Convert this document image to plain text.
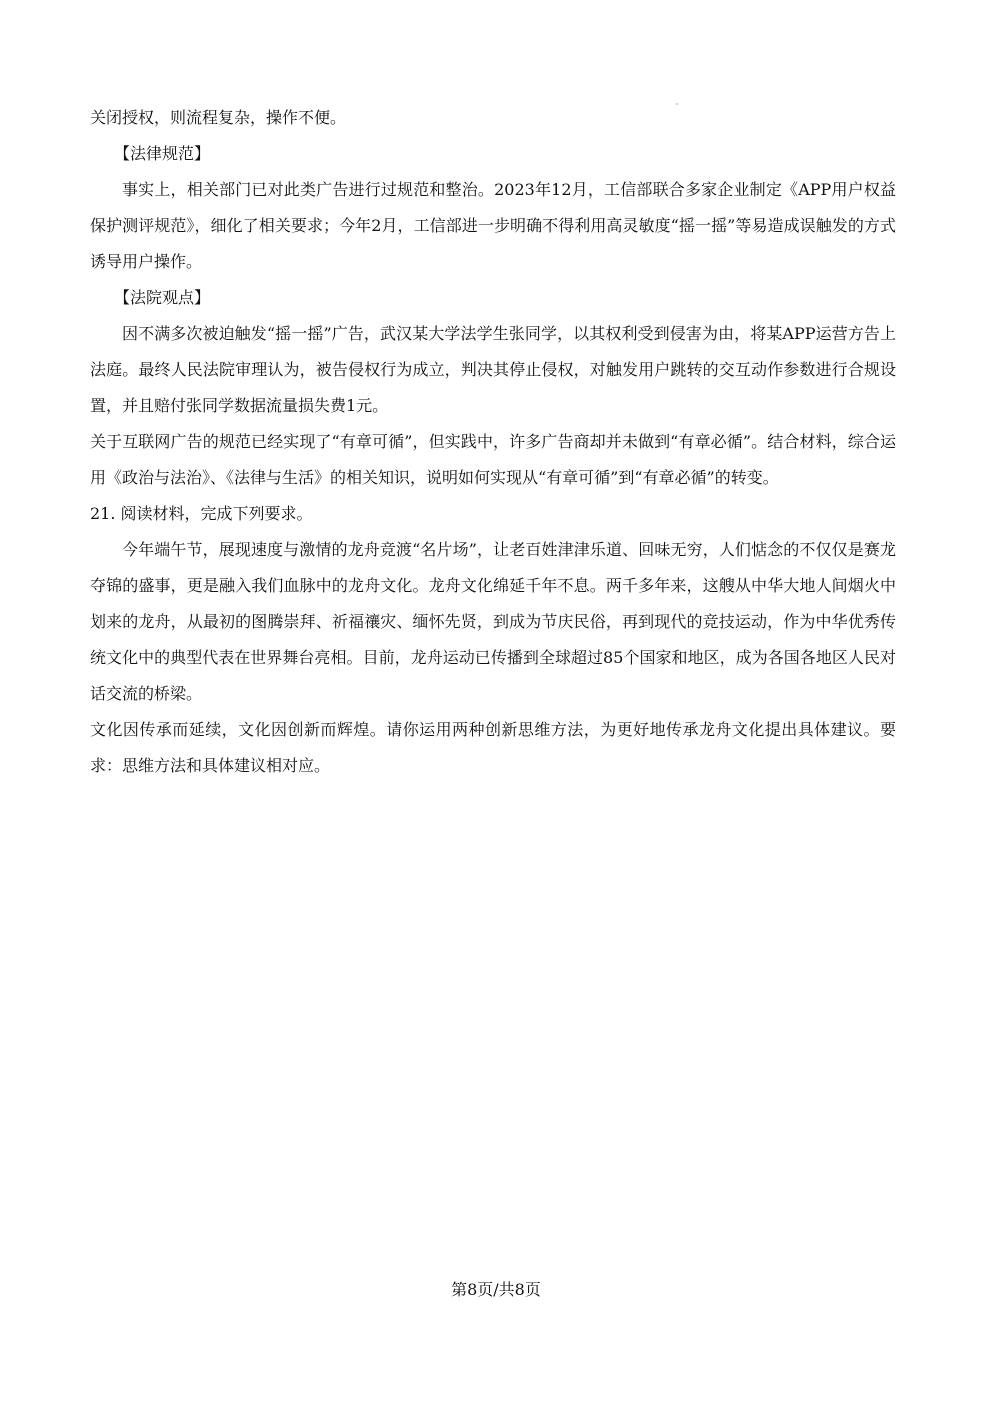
关闭授权，则流程复杂，操作不便。

【法律规范】

事实上，相关部门已对此类广告进行过规范和整治。2023年12月，工信部联合多家企业制定《APP用户权益保护测评规范》，细化了相关要求；今年2月，工信部进一步明确不得利用高灵敏度“摇一摇”等易造成误触发的方式诱导用户操作。

【法院观点】

因不满多次被迫触发“摇一摇”广告，武汉某大学法学生张同学，以其权利受到侵害为由，将某APP运营方告上法庭。最终人民法院审理认为，被告侵权行为成立，判决其停止侵权，对触发用户跳转的交互动作参数进行合规设置，并且赔付张同学数据流量损失费1元。

关于互联网广告的规范已经实现了“有章可循”，但实践中，许多广告商却并未做到“有章必循”。结合材料，综合运用《政治与法治》、《法律与生活》的相关知识，说明如何实现从“有章可循”到“有章必循”的转变。

21. 阅读材料，完成下列要求。

今年端午节，展现速度与激情的龙舟竞渡“名片场”，让老百姓津津乐道、回味无穷，人们惦念的不仅仅是赛龙夺锦的盛事，更是融入我们血脉中的龙舟文化。龙舟文化绵延千年不息。两千多年来，这艘从中华大地人间烟火中划来的龙舟，从最初的图腾崇拜、祈福禳灾、缅怀先贤，到成为节庆民俗，再到现代的竞技运动，作为中华优秀传统文化中的典型代表在世界舞台亮相。目前，龙舟运动已传播到全球超过85个国家和地区，成为各国各地区人民对话交流的桥梁。

文化因传承而延续，文化因创新而辉煌。请你运用两种创新思维方法，为更好地传承龙舟文化提出具体建议。要求：思维方法和具体建议相对应。

第8页/共8页
